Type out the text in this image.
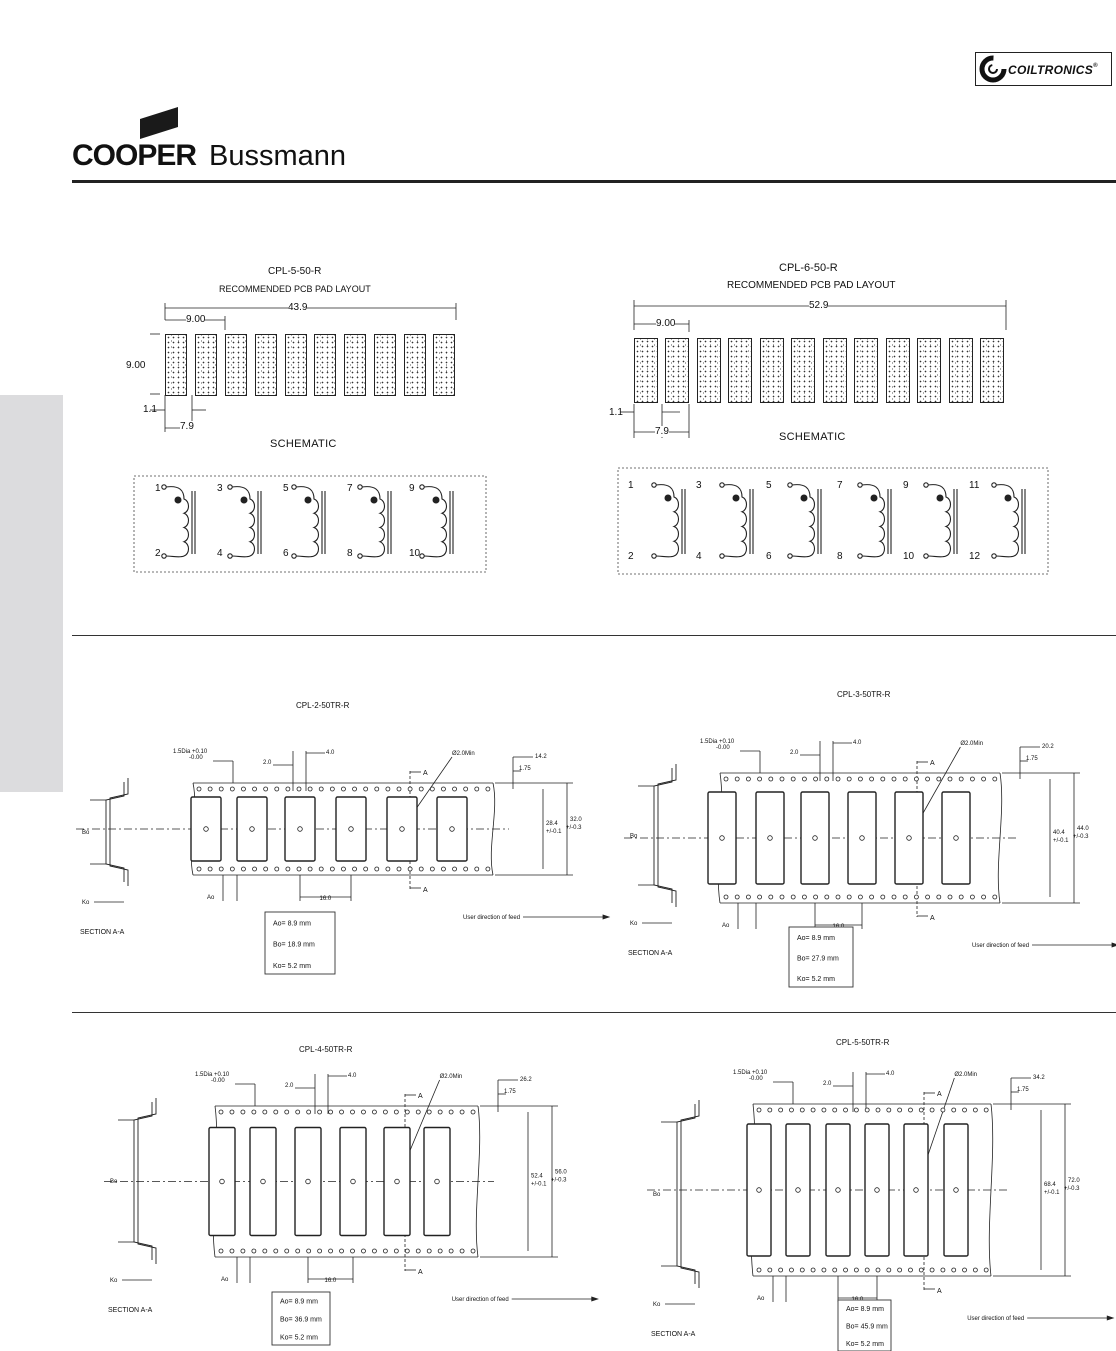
COILTRONICS®
COOPER Bussmann
CPL-5-50-R
RECOMMENDED PCB PAD LAYOUT
43.9
9.00
9.00
1.1
7.9
SCHEMATIC
1	3	5	7	9
2	4	6	8	10
CPL-6-50-R
RECOMMENDED PCB PAD LAYOUT
52.9
9.00
1.1
7.9	SCHEMATIC
1	3	5	7	9	11
2	4	6	8	10	12
CPL-2-50TR-R
A
A
1.5Dia +0.10
-0.00
2.0
4.0	Ø2.0Min	14.2
1.75
28.4
+/-0.1
32.0
+/-0.3
Ao	16.0
User direction of feed
Bo
Ko
SECTION A-A
Ao= 8.9 mm
Bo= 18.9 mm
Ko= 5.2 mm
CPL-3-50TR-R
A
A
1.5Dia +0.10
-0.00
2.0
4.0	Ø2.0Min	20.2
1.75
40.4
+/-0.1
44.0
+/-0.3
Ao
User direction of feed
Bo
Ko
SECTION A-A
Ao= 8.9 mm
Bo= 27.9 mm
Ko= 5.2 mm
CPL-4-50TR-R
A
A
1.5Dia +0.10
-0.00
2.0
4.0	Ø2.0Min	26.2
1.75
52.4
+/-0.1
56.0
+/-0.3
Ao	16.0
User direction of feed
Bo
Ko
SECTION A-A
Ao= 8.9 mm
Bo= 36.9 mm
Ko= 5.2 mm
CPL-5-50TR-R
A
A
1.5Dia +0.10
-0.00
2.0
4.0	Ø2.0Min	34.2
1.75
68.4
+/-0.1
72.0
+/-0.3
Ao
User direction of feed
Bo
Ko
SECTION A-A
Ao= 8.9 mm
Bo= 45.9 mm
Ko= 5.2 mm
